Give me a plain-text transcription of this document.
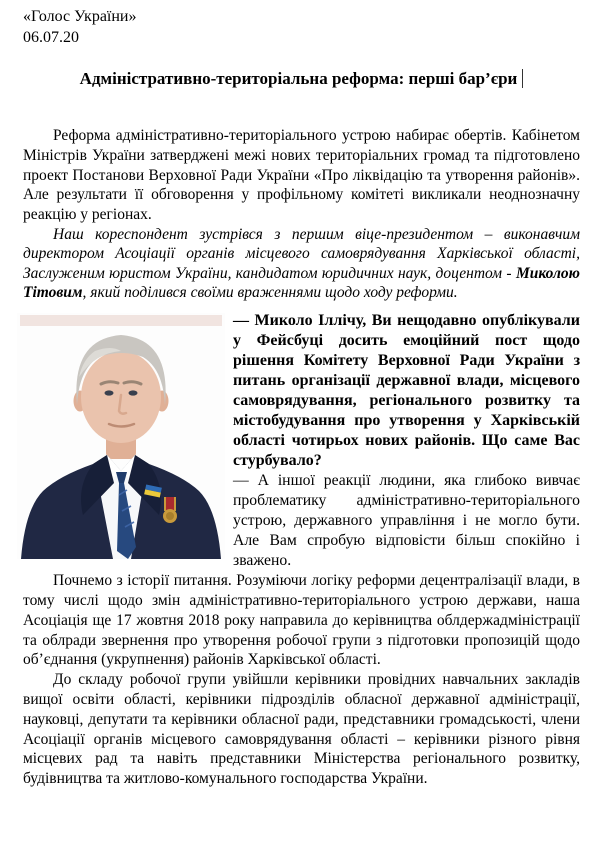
«Голос України»
06.07.20
Адміністративно-територіальна реформа: перші бар’єри

Реформа адміністративно-територіального устрою набирає обертів. Кабінетом Міністрів України затверджені межі нових територіальних громад та підготовлено проект Постанови Верховної Ради України «Про ліквідацію та утворення районів». Але результати її обговорення у профільному комітеті викликали неоднозначну реакцію у регіонах.

Наш кореспондент зустрівся з першим віце-президентом – виконавчим директором Асоціації органів місцевого самоврядування Харківської області, Заслуженим юристом України, кандидатом юридичних наук, доцентом - Миколою Тітовим, який поділився своїми враженнями щодо ходу реформи.

— Миколо Іллічу, Ви нещодавно опублікували у Фейсбуці досить емоційний пост щодо рішення Комітету Верховної Ради України з питань організації державної влади, місцевого самоврядування, регіонального розвитку та містобудування про утворення у Харківській області чотирьох нових районів. Що саме Вас стурбувало?

— А іншої реакції людини, яка глибоко вивчає проблематику адміністративно-територіального устрою, державного управління і не могло бути. Але Вам спробую відповісти більш спокійно і зважено.

Почнемо з історії питання. Розуміючи логіку реформи децентралізації влади, в тому числі щодо змін адміністративно-територіального устрою держави, наша Асоціація ще 17 жовтня 2018 року направила до керівництва облдержадміністрації та облради звернення про утворення робочої групи з підготовки пропозицій щодо об’єднання (укрупнення) районів Харківської області.

До складу робочої групи увійшли керівники провідних навчальних закладів вищої освіти області, керівники підрозділів обласної державної адміністрації, науковці, депутати та керівники обласної ради, представники громадськості, члени Асоціації органів місцевого самоврядування області – керівники різного рівня місцевих рад та навіть представники Міністерства регіонального розвитку, будівництва та житлово-комунального господарства України.
